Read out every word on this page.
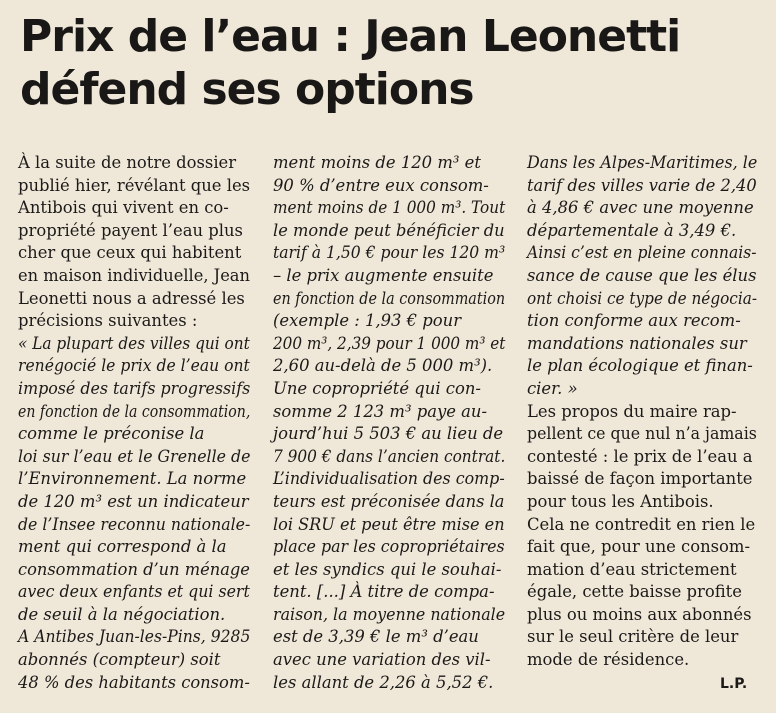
Prix de l’eau : Jean Leonetti
défend ses options
À la suite de notre dossier
publié hier, révélant que les
Antibois qui vivent en co-
propriété payent l’eau plus
cher que ceux qui habitent
en maison individuelle, Jean
Leonetti nous a adressé les
précisions suivantes :
« La plupart des villes qui ont
renégocié le prix de l’eau ont
imposé des tarifs progressifs
en fonction de la consommation,
comme le préconise la
loi sur l’eau et le Grenelle de
l’Environnement. La norme
de 120 m³ est un indicateur
de l’Insee reconnu nationale-
ment qui correspond à la
consommation d’un ménage
avec deux enfants et qui sert
de seuil à la négociation.
A Antibes Juan-les-Pins, 9285
abonnés (compteur) soit
48 % des habitants consom-
ment moins de 120 m³ et
90 % d’entre eux consom-
ment moins de 1 000 m³. Tout
le monde peut bénéficier du
tarif à 1,50 € pour les 120 m³
– le prix augmente ensuite
en fonction de la consommation
(exemple : 1,93 € pour
200 m³, 2,39 pour 1 000 m³ et
2,60 au-delà de 5 000 m³).
Une copropriété qui con-
somme 2 123 m³ paye au-
jourd’hui 5 503 € au lieu de
7 900 € dans l’ancien contrat.
L’individualisation des comp-
teurs est préconisée dans la
loi SRU et peut être mise en
place par les copropriétaires
et les syndics qui le souhai-
tent. [...] À titre de compa-
raison, la moyenne nationale
est de 3,39 € le m³ d’eau
avec une variation des vil-
les allant de 2,26 à 5,52 €.
Dans les Alpes-Maritimes, le
tarif des villes varie de 2,40
à 4,86 € avec une moyenne
départementale à 3,49 €.
Ainsi c’est en pleine connais-
sance de cause que les élus
ont choisi ce type de négocia-
tion conforme aux recom-
mandations nationales sur
le plan écologique et finan-
cier. »
Les propos du maire rap-
pellent ce que nul n’a jamais
contesté : le prix de l’eau a
baissé de façon importante
pour tous les Antibois.
Cela ne contredit en rien le
fait que, pour une consom-
mation d’eau strictement
égale, cette baisse profite
plus ou moins aux abonnés
sur le seul critère de leur
mode de résidence.
L.P.
